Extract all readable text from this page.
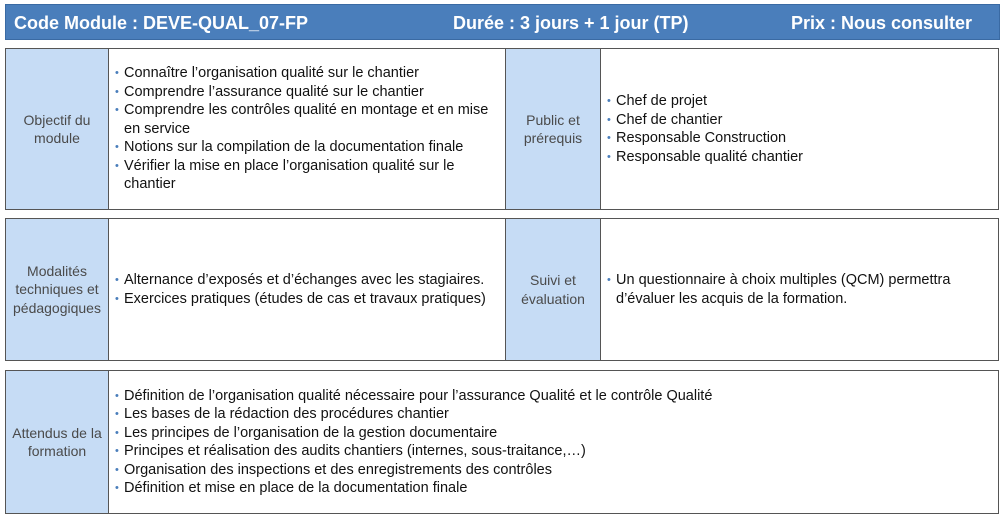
Code Module : DEVE-QUAL_07-FP	Durée : 3 jours + 1 jour (TP)	Prix : Nous consulter
Objectif du module
• Connaître l’organisation qualité sur le chantier
• Comprendre l’assurance qualité sur le chantier
• Comprendre les contrôles qualité en montage et en mise en service
• Notions sur la compilation de la documentation finale
• Vérifier la mise en place l’organisation qualité sur le chantier
Public et prérequis
• Chef de projet
• Chef de chantier
• Responsable Construction
• Responsable qualité chantier
Modalités techniques et pédagogiques
• Alternance d’exposés et d’échanges avec les stagiaires.
• Exercices pratiques (études de cas et travaux pratiques)
Suivi et évaluation
• Un questionnaire à choix multiples (QCM) permettra d’évaluer les acquis de la formation.
Attendus de la formation
• Définition de l’organisation qualité nécessaire pour l’assurance Qualité et le contrôle Qualité
• Les bases de la rédaction des procédures chantier
• Les principes de l’organisation de la gestion documentaire
• Principes et réalisation des audits chantiers (internes, sous-traitance,…)
• Organisation des inspections et des enregistrements des contrôles
• Définition et mise en place de la documentation finale
